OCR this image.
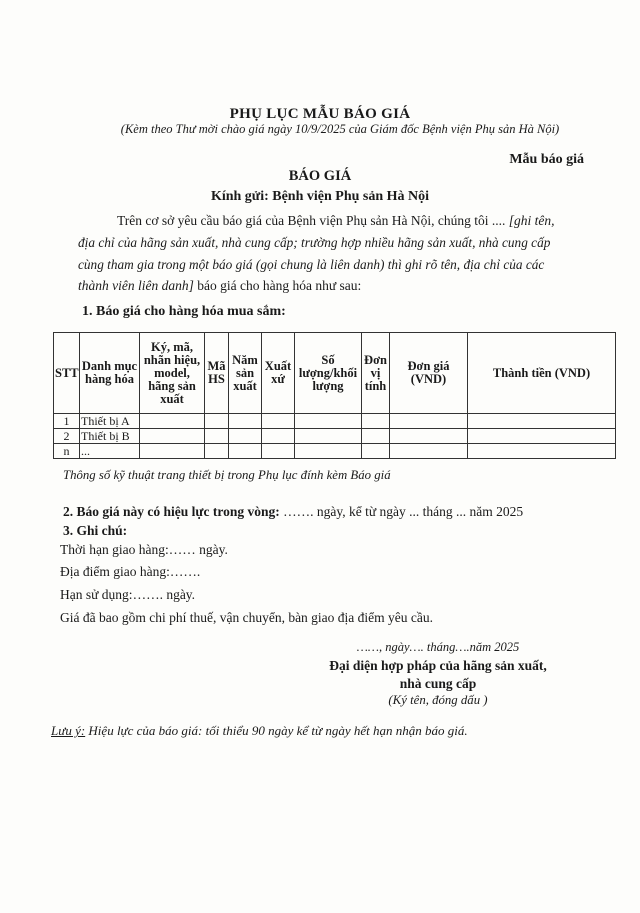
PHỤ LỤC MẪU BÁO GIÁ
(Kèm theo Thư mời chào giá ngày 10/9/2025 của Giám đốc Bệnh viện Phụ sản Hà Nội)
Mẫu báo giá
BÁO GIÁ
Kính gửi: Bệnh viện Phụ sản Hà Nội
Trên cơ sở yêu cầu báo giá của Bệnh viện Phụ sản Hà Nội, chúng tôi .... [ghi tên,
địa chỉ của hãng sản xuất, nhà cung cấp; trường hợp nhiều hãng sản xuất, nhà cung cấp
cùng tham gia trong một báo giá (gọi chung là liên danh) thì ghi rõ tên, địa chỉ của các
thành viên liên danh] báo giá cho hàng hóa như sau:
1. Báo giá cho hàng hóa mua sắm:
STT	Danh mục hàng hóa	Ký, mã, nhãn hiệu, model, hãng sản xuất	Mã HS	Năm sản xuất	Xuất xứ	Số lượng/khối lượng	Đơn vị tính	Đơn giá (VND)	Thành tiền (VND)
1	Thiết bị A								
2	Thiết bị B								
n	...								
Thông số kỹ thuật trang thiết bị trong Phụ lục đính kèm Báo giá
2. Báo giá này có hiệu lực trong vòng: ……. ngày, kể từ ngày ... tháng ... năm 2025
3. Ghi chú:
Thời hạn giao hàng:…… ngày.
Địa điểm giao hàng:…….
Hạn sử dụng:……. ngày.
Giá đã bao gồm chi phí thuế, vận chuyển, bàn giao địa điểm yêu cầu.
……, ngày…. tháng….năm 2025
Đại diện hợp pháp của hãng sản xuất,
nhà cung cấp
(Ký tên, đóng dấu )
Lưu ý: Hiệu lực của báo giá: tối thiểu 90 ngày kể từ ngày hết hạn nhận báo giá.
